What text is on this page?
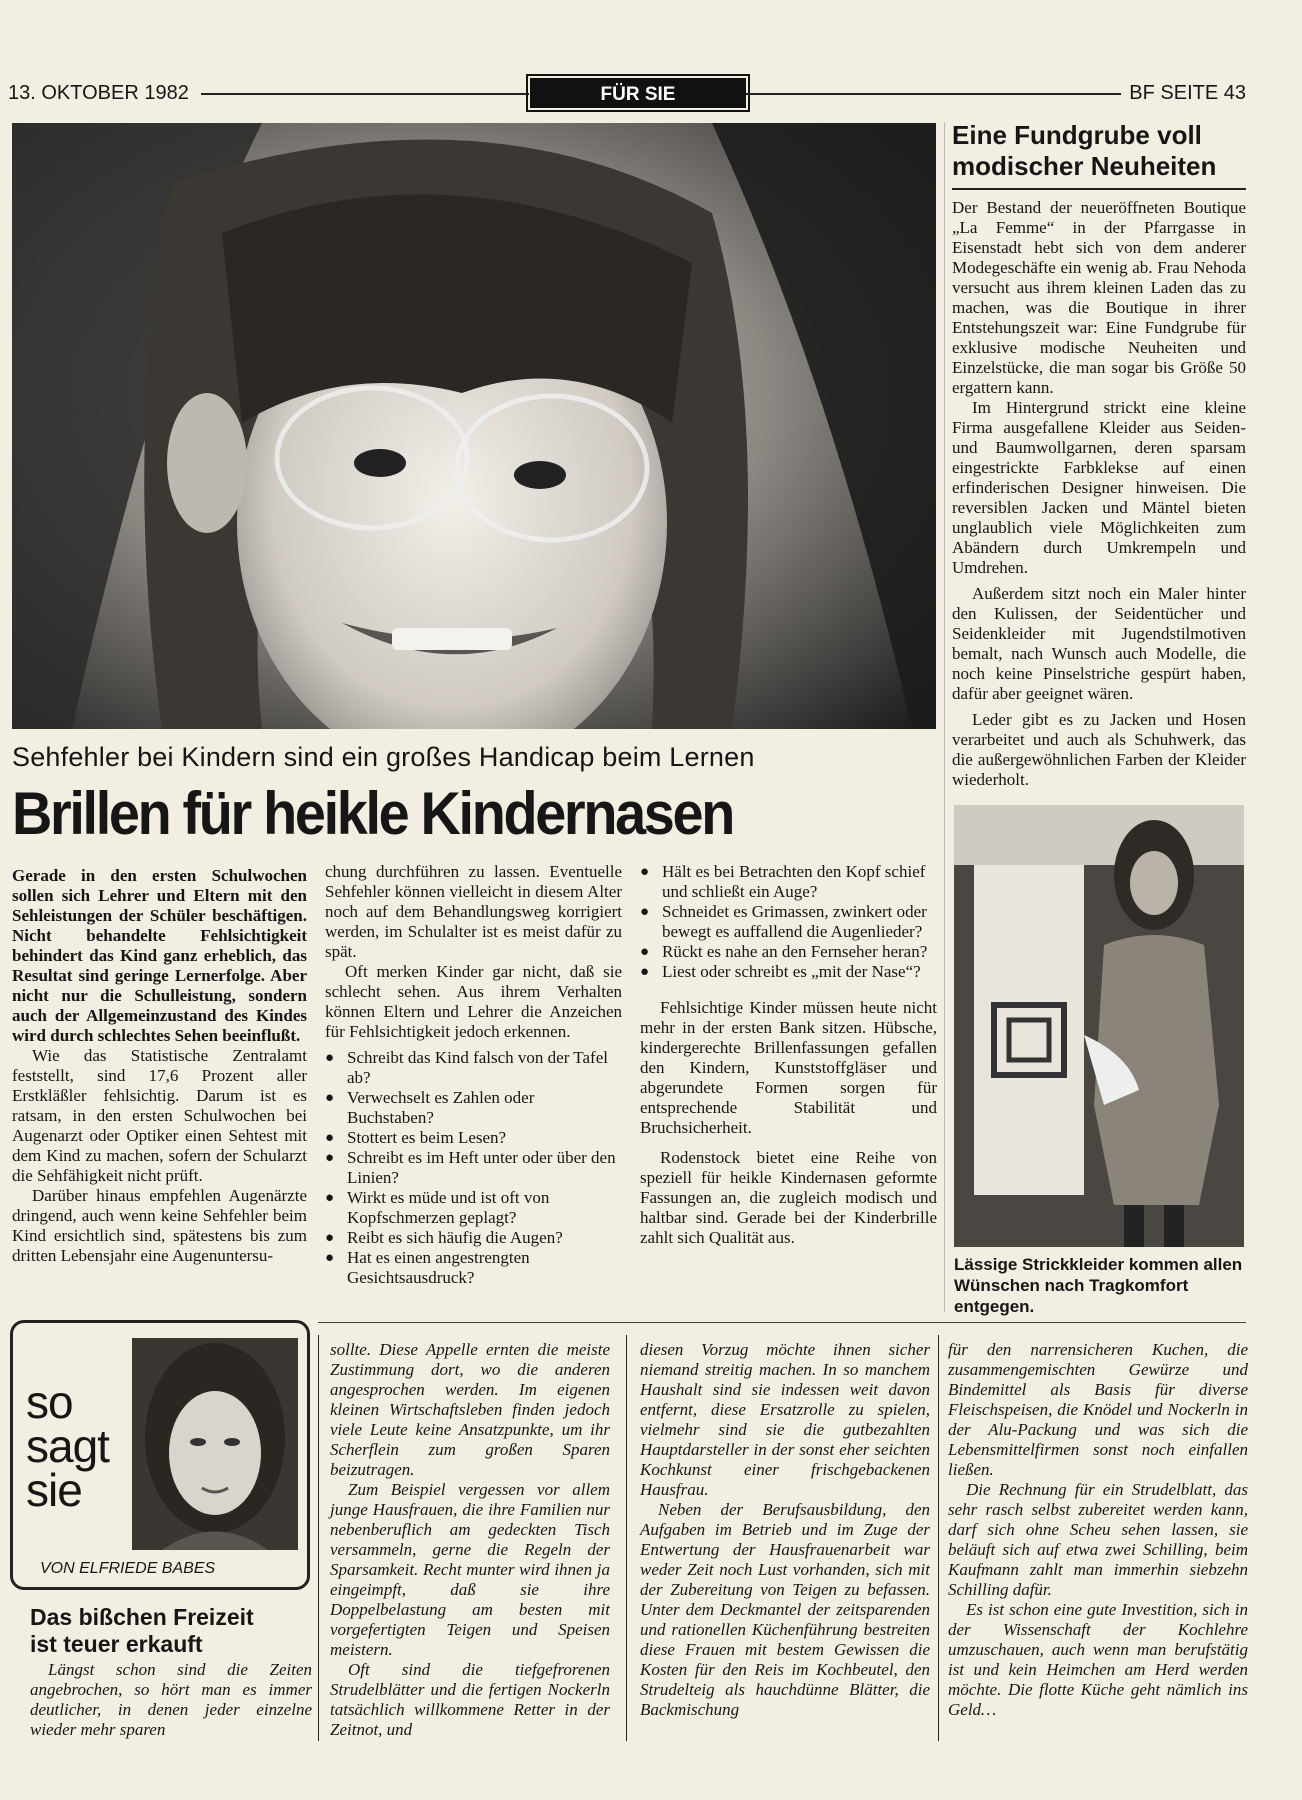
13. OKTOBER 1982	FÜR SIE	BF SEITE 43
Sehfehler bei Kindern sind ein großes Handicap beim Lernen
Brillen für heikle Kindernasen

Gerade in den ersten Schulwochen sollen sich Lehrer und Eltern mit den Sehleistungen der Schüler beschäftigen. Nicht behandelte Fehlsichtigkeit behindert das Kind ganz erheblich, das Resultat sind geringe Lernerfolge. Aber nicht nur die Schulleistung, sondern auch der Allgemeinzustand des Kindes wird durch schlechtes Sehen beeinflußt.

Wie das Statistische Zentralamt feststellt, sind 17,6 Prozent aller Erstkläßler fehlsichtig. Darum ist es ratsam, in den ersten Schulwochen bei Augenarzt oder Optiker einen Sehtest mit dem Kind zu machen, sofern der Schularzt die Sehfähigkeit nicht prüft.

Darüber hinaus empfehlen Augenärzte dringend, auch wenn keine Sehfehler beim Kind ersichtlich sind, spätestens bis zum dritten Lebensjahr eine Augenuntersu-

chung durchführen zu lassen. Eventuelle Sehfehler können vielleicht in diesem Alter noch auf dem Behandlungsweg korrigiert werden, im Schulalter ist es meist dafür zu spät.

Oft merken Kinder gar nicht, daß sie schlecht sehen. Aus ihrem Verhalten können Eltern und Lehrer die Anzeichen für Fehlsichtigkeit jedoch erkennen.

● Schreibt das Kind falsch von der Tafel ab?
● Verwechselt es Zahlen oder Buchstaben?
● Stottert es beim Lesen?
● Schreibt es im Heft unter oder über den Linien?
● Wirkt es müde und ist oft von Kopfschmerzen geplagt?
● Reibt es sich häufig die Augen?
● Hat es einen angestrengten Gesichtsausdruck?
● Hält es bei Betrachten den Kopf schief und schließt ein Auge?
● Schneidet es Grimassen, zwinkert oder bewegt es auffallend die Augenlieder?
● Rückt es nahe an den Fernseher heran?
● Liest oder schreibt es „mit der Nase“?

Fehlsichtige Kinder müssen heute nicht mehr in der ersten Bank sitzen. Hübsche, kindergerechte Brillenfassungen gefallen den Kindern, Kunststoffgläser und abgerundete Formen sorgen für entsprechende Stabilität und Bruchsicherheit.

Rodenstock bietet eine Reihe von speziell für heikle Kindernasen geformte Fassungen an, die zugleich modisch und haltbar sind. Gerade bei der Kinderbrille zahlt sich Qualität aus.

Eine Fundgrube voll
modischer Neuheiten

Der Bestand der neueröffneten Boutique „La Femme“ in der Pfarrgasse in Eisenstadt hebt sich von dem anderer Modegeschäfte ein wenig ab. Frau Nehoda versucht aus ihrem kleinen Laden das zu machen, was die Boutique in ihrer Entstehungszeit war: Eine Fundgrube für exklusive modische Neuheiten und Einzelstücke, die man sogar bis Größe 50 ergattern kann.

Im Hintergrund strickt eine kleine Firma ausgefallene Kleider aus Seiden- und Baumwollgarnen, deren sparsam eingestrickte Farbklekse auf einen erfinderischen Designer hinweisen. Die reversiblen Jacken und Mäntel bieten unglaublich viele Möglichkeiten zum Abändern durch Umkrempeln und Umdrehen.

Außerdem sitzt noch ein Maler hinter den Kulissen, der Seidentücher und Seidenkleider mit Jugendstilmotiven bemalt, nach Wunsch auch Modelle, die noch keine Pinselstriche gespürt haben, dafür aber geeignet wären.

Leder gibt es zu Jacken und Hosen verarbeitet und auch als Schuhwerk, das die außergewöhnlichen Farben der Kleider wiederholt.

Lässige Strickkleider kommen allen Wünschen nach Tragkomfort entgegen.
so
sagt
sie
VON ELFRIEDE BABES
Das bißchen Freizeit
ist teuer erkauft

Längst schon sind die Zeiten angebrochen, so hört man es immer deutlicher, in denen jeder einzelne wieder mehr sparen

sollte. Diese Appelle ernten die meiste Zustimmung dort, wo die anderen angesprochen werden. Im eigenen kleinen Wirtschaftsleben finden jedoch viele Leute keine Ansatzpunkte, um ihr Scherflein zum großen Sparen beizutragen.

Zum Beispiel vergessen vor allem junge Hausfrauen, die ihre Familien nur nebenberuflich am gedeckten Tisch versammeln, gerne die Regeln der Sparsamkeit. Recht munter wird ihnen ja eingeimpft, daß sie ihre Doppelbelastung am besten mit vorgefertigten Teigen und Speisen meistern.

Oft sind die tiefgefrorenen Strudelblätter und die fertigen Nockerln tatsächlich willkommene Retter in der Zeitnot, und

diesen Vorzug möchte ihnen sicher niemand streitig machen. In so manchem Haushalt sind sie indessen weit davon entfernt, diese Ersatzrolle zu spielen, vielmehr sind sie die gutbezahlten Hauptdarsteller in der sonst eher seichten Kochkunst einer frischgebackenen Hausfrau.

Neben der Berufsausbildung, den Aufgaben im Betrieb und im Zuge der Entwertung der Hausfrauenarbeit war weder Zeit noch Lust vorhanden, sich mit der Zubereitung von Teigen zu befassen. Unter dem Deckmantel der zeitsparenden und rationellen Küchenführung bestreiten diese Frauen mit bestem Gewissen die Kosten für den Reis im Kochbeutel, den Strudelteig als hauchdünne Blätter, die Backmischung

für den narrensicheren Kuchen, die zusammengemischten Gewürze und Bindemittel als Basis für diverse Fleischspeisen, die Knödel und Nockerln in der Alu-Packung und was sich die Lebensmittelfirmen sonst noch einfallen ließen.

Die Rechnung für ein Strudelblatt, das sehr rasch selbst zubereitet werden kann, darf sich ohne Scheu sehen lassen, sie beläuft sich auf etwa zwei Schilling, beim Kaufmann zahlt man immerhin siebzehn Schilling dafür.

Es ist schon eine gute Investition, sich in der Wissenschaft der Kochlehre umzuschauen, auch wenn man berufstätig ist und kein Heimchen am Herd werden möchte. Die flotte Küche geht nämlich ins Geld…
